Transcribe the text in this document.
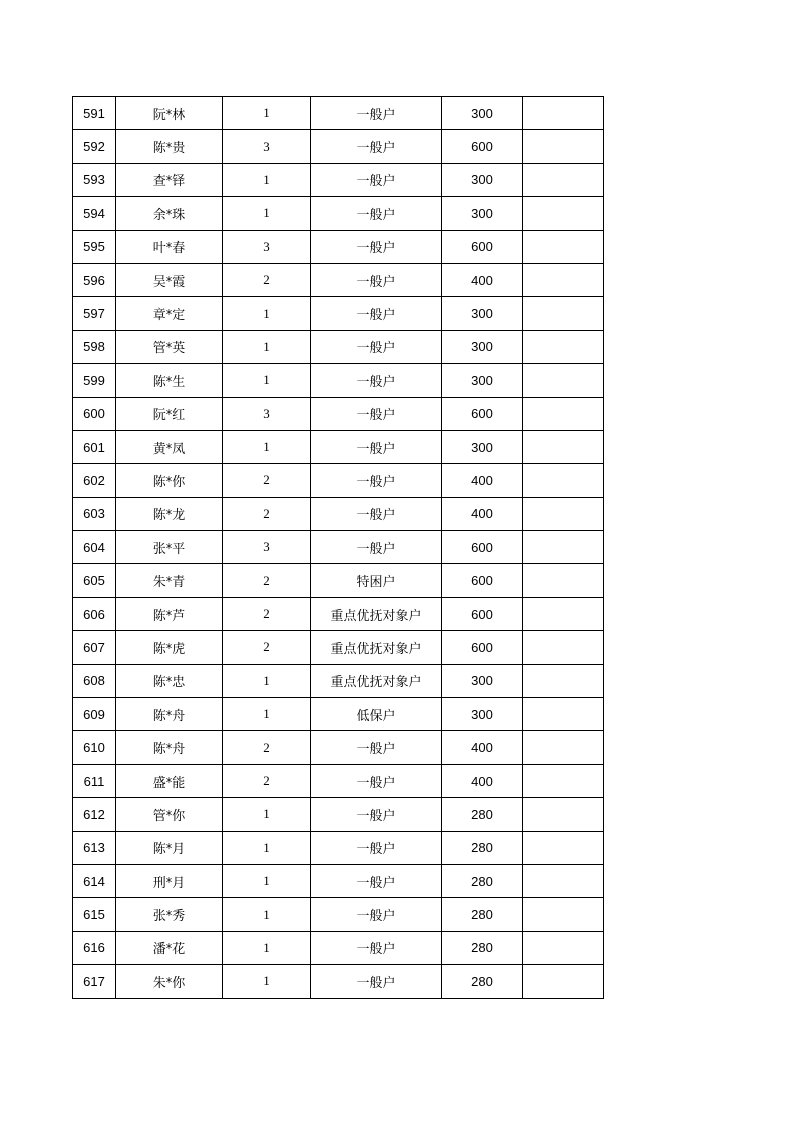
591	阮*林	1	一般户	300	
592	陈*贵	3	一般户	600	
593	查*铎	1	一般户	300	
594	余*珠	1	一般户	300	
595	叶*春	3	一般户	600	
596	吴*霞	2	一般户	400	
597	章*定	1	一般户	300	
598	管*英	1	一般户	300	
599	陈*生	1	一般户	300	
600	阮*红	3	一般户	600	
601	黄*凤	1	一般户	300	
602	陈*你	2	一般户	400	
603	陈*龙	2	一般户	400	
604	张*平	3	一般户	600	
605	朱*青	2	特困户	600	
606	陈*芦	2	重点优抚对象户	600	
607	陈*虎	2	重点优抚对象户	600	
608	陈*忠	1	重点优抚对象户	300	
609	陈*舟	1	低保户	300	
610	陈*舟	2	一般户	400	
611	盛*能	2	一般户	400	
612	管*你	1	一般户	280	
613	陈*月	1	一般户	280	
614	刑*月	1	一般户	280	
615	张*秀	1	一般户	280	
616	潘*花	1	一般户	280	
617	朱*你	1	一般户	280	
